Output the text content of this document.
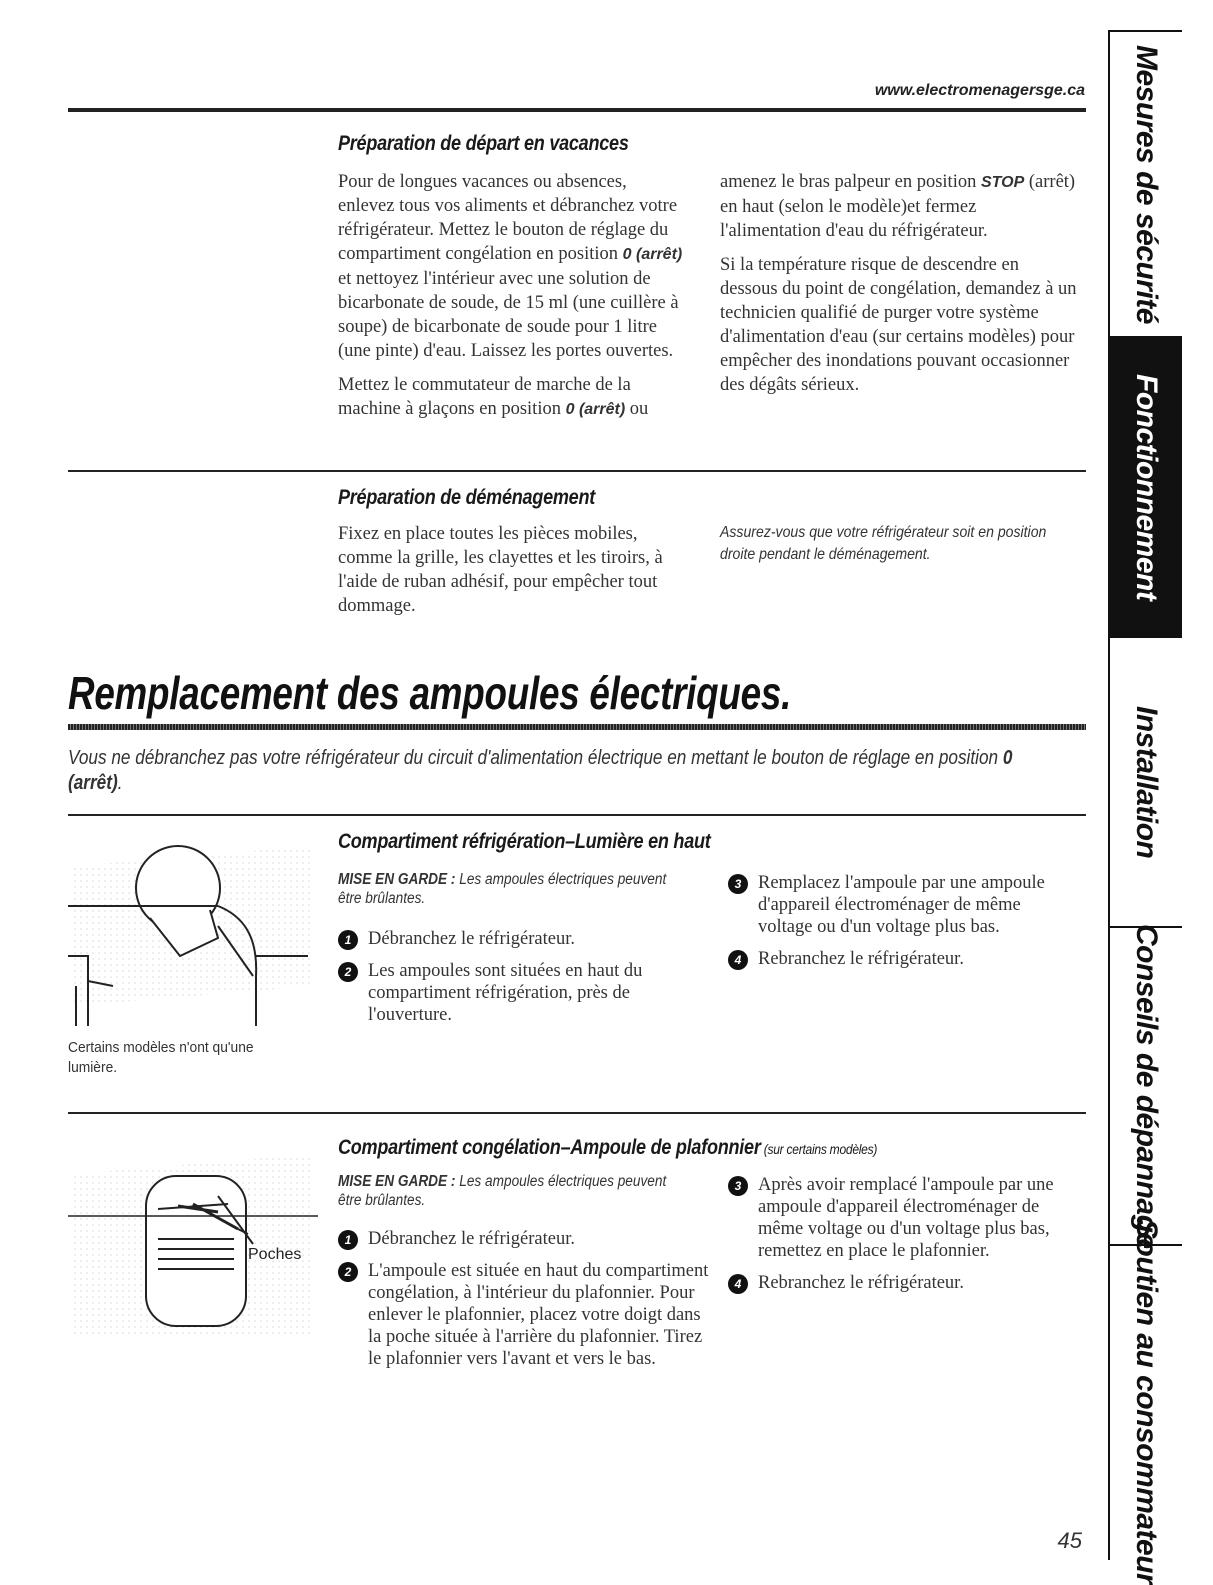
www.electromenagersge.ca
Préparation de départ en vacances

Pour de longues vacances ou absences, enlevez tous vos aliments et débranchez votre réfrigérateur. Mettez le bouton de réglage du compartiment congélation en position 0 (arrêt) et nettoyez l'intérieur avec une solution de bicarbonate de soude, de 15 ml (une cuillère à soupe) de bicarbonate de soude pour 1 litre (une pinte) d'eau. Laissez les portes ouvertes.

Mettez le commutateur de marche de la machine à glaçons en position 0 (arrêt) ou

amenez le bras palpeur en position STOP (arrêt) en haut (selon le modèle)et fermez l'alimentation d'eau du réfrigérateur.

Si la température risque de descendre en dessous du point de congélation, demandez à un technicien qualifié de purger votre système d'alimentation d'eau (sur certains modèles) pour empêcher des inondations pouvant occasionner des dégâts sérieux.

Préparation de déménagement
Fixez en place toutes les pièces mobiles, comme la grille, les clayettes et les tiroirs, à l'aide de ruban adhésif, pour empêcher tout dommage.
Assurez-vous que votre réfrigérateur soit en position droite pendant le déménagement.
Remplacement des ampoules électriques.
Vous ne débranchez pas votre réfrigérateur du circuit d'alimentation électrique en mettant le bouton de réglage en position 0 (arrêt).
Certains modèles n'ont qu'une lumière.
Compartiment réfrigération–Lumière en haut
MISE EN GARDE : Les ampoules électriques peuvent être brûlantes.
1 Débranchez le réfrigérateur.
2 Les ampoules sont situées en haut du compartiment réfrigération, près de l'ouverture.
3 Remplacez l'ampoule par une ampoule d'appareil électroménager de même voltage ou d'un voltage plus bas.
4 Rebranchez le réfrigérateur.
Poches
Compartiment congélation–Ampoule de plafonnier (sur certains modèles)
MISE EN GARDE : Les ampoules électriques peuvent être brûlantes.
1 Débranchez le réfrigérateur.
2 L'ampoule est située en haut du compartiment congélation, à l'intérieur du plafonnier. Pour enlever le plafonnier, placez votre doigt dans la poche située à l'arrière du plafonnier. Tirez le plafonnier vers l'avant et vers le bas.
3 Après avoir remplacé l'ampoule par une ampoule d'appareil électroménager de même voltage ou d'un voltage plus bas, remettez en place le plafonnier.
4 Rebranchez le réfrigérateur.
45
Mesures de sécurité
Fonctionnement
Installation
Conseils de dépannage
Soutien au consommateur
